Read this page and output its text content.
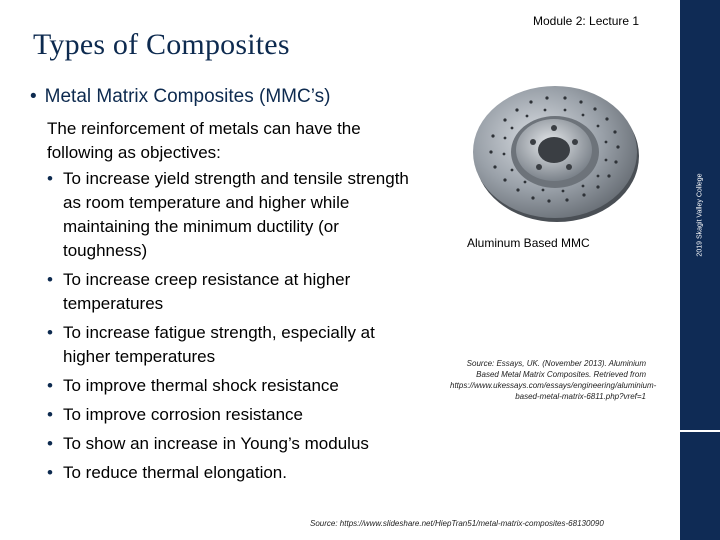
Module 2: Lecture 1
Types of Composites
• Metal Matrix Composites (MMC’s)
The reinforcement of metals can have the following as objectives:
• To increase yield strength and tensile strength as room temperature and higher while maintaining the minimum ductility (or toughness)
• To increase creep resistance at higher temperatures
• To increase fatigue strength, especially at higher temperatures
• To improve thermal shock resistance
• To improve corrosion resistance
• To show an increase in Young’s modulus
• To reduce thermal elongation.
Aluminum Based MMC
Source: Essays, UK. (November 2013). Aluminium Based Metal Matrix Composites. Retrieved from https://www.ukessays.com/essays/engineering/aluminium-based-metal-matrix-6811.php?vref=1
Source: https://www.slideshare.net/HiepTran51/metal-matrix-composites-68130090
2019 Skagit Valley College
